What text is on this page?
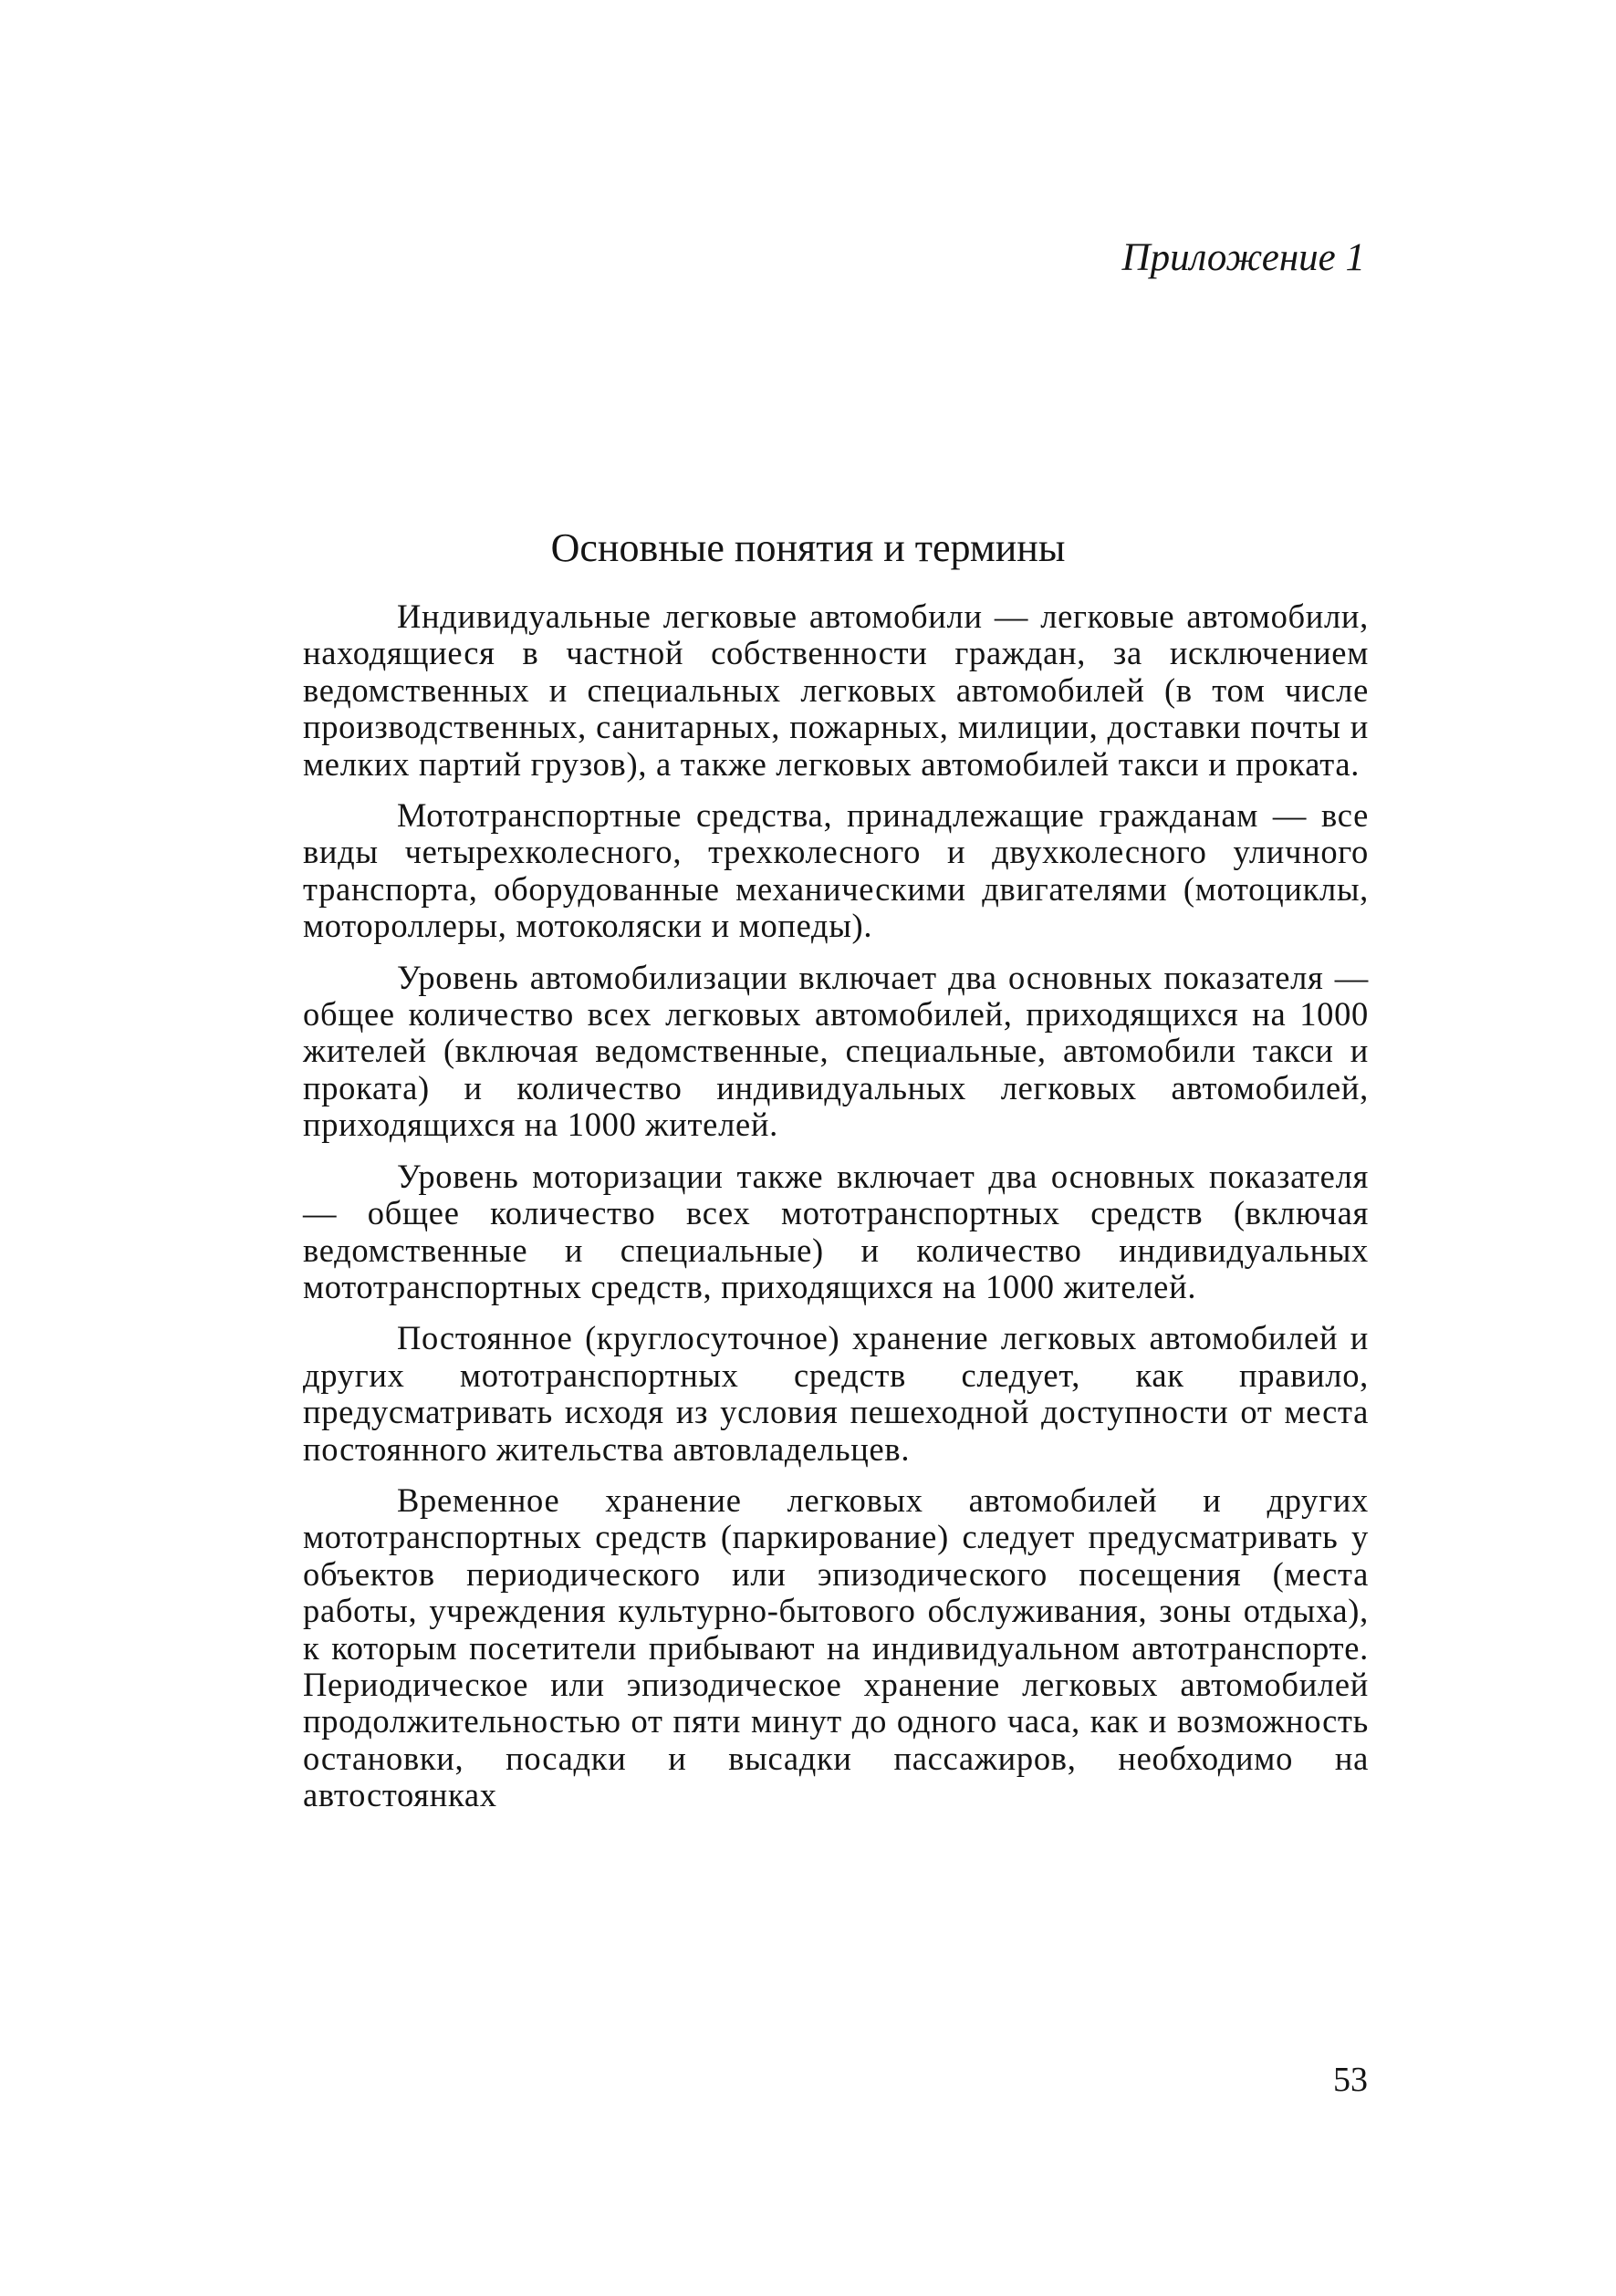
Приложение 1

Основные понятия и термины

Индивидуальные легковые автомобили — легковые автомобили, находящиеся в частной собственности граждан, за исключением ведомственных и специальных легковых автомобилей (в том числе производственных, санитарных, пожарных, милиции, доставки почты и мелких партий грузов), а также легковых автомобилей такси и проката.

Мототранспортные средства, принадлежащие гражданам — все виды четырехколесного, трехколесного и двухколесного уличного транспорта, оборудованные механическими двигателями (мотоциклы, мотороллеры, мотоколяски и мопеды).

Уровень автомобилизации включает два основных показателя — общее количество всех легковых автомобилей, приходящихся на 1000 жителей (включая ведомственные, специальные, автомобили такси и проката) и количество индивидуальных легковых автомобилей, приходящихся на 1000 жителей.

Уровень моторизации также включает два основных показателя — общее количество всех мототранспортных средств (включая ведомственные и специальные) и количество индивидуальных мототранспортных средств, приходящихся на 1000 жителей.

Постоянное (круглосуточное) хранение легковых автомобилей и других мототранспортных средств следует, как правило, предусматривать исходя из условия пешеходной доступности от места постоянного жительства автовладельцев.

Временное хранение легковых автомобилей и других мототранспортных средств (паркирование) следует предусматривать у объектов периодического или эпизодического посещения (места работы, учреждения культурно-бытового обслуживания, зоны отдыха), к которым посетители прибывают на индивидуальном автотранспорте. Периодическое или эпизодическое хранение легковых автомобилей продолжительностью от пяти минут до одного часа, как и возможность остановки, посадки и высадки пассажиров, необходимо на автостоянках

53
